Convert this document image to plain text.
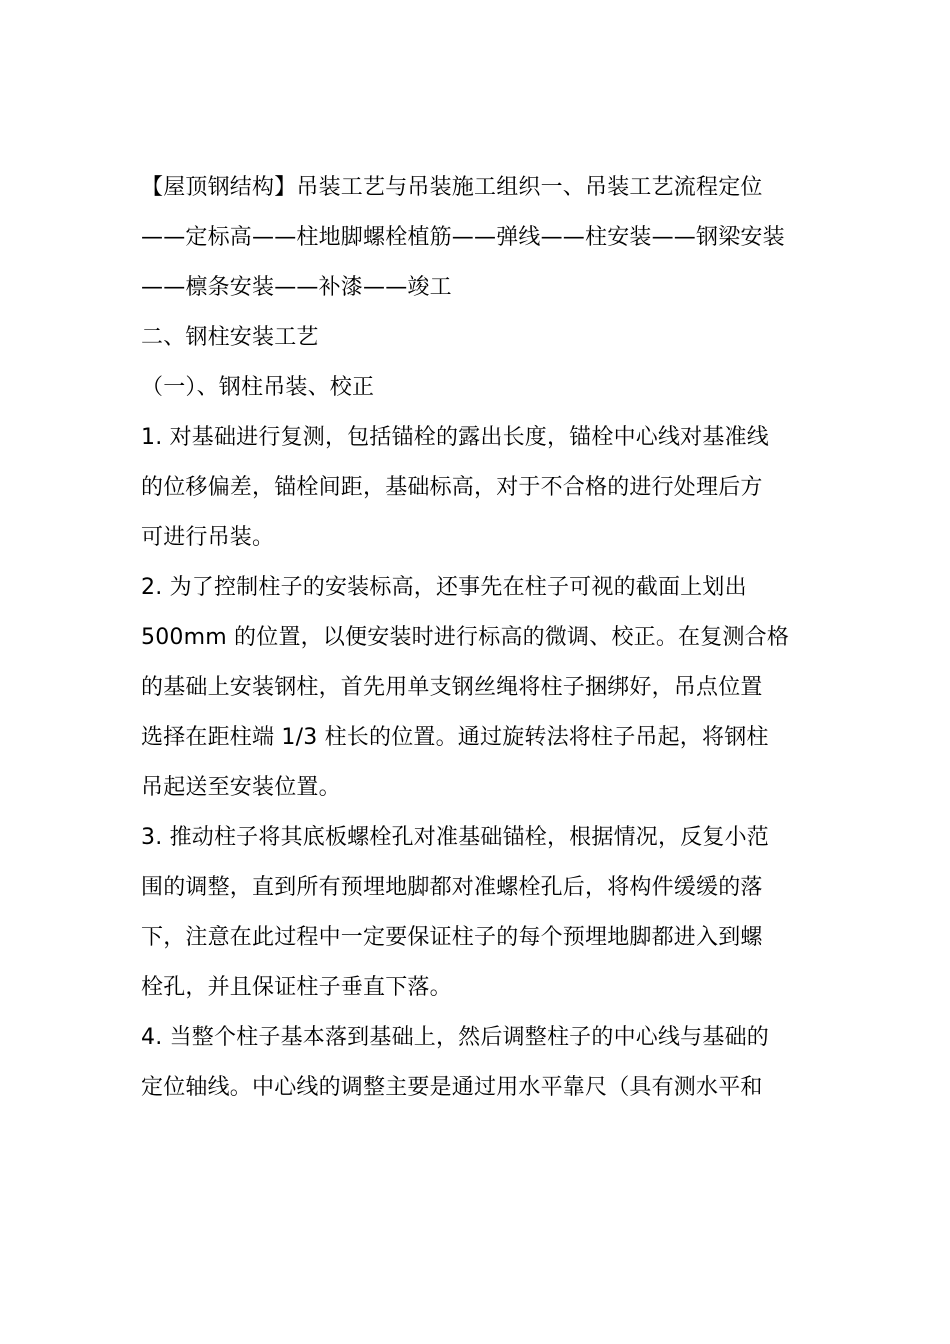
【屋顶钢结构】吊装工艺与吊装施工组织一、吊装工艺流程定位
——定标高——柱地脚螺栓植筋——弹线——柱安装——钢梁安装
——檩条安装——补漆——竣工
二、钢柱安装工艺
（一）、钢柱吊装、校正
1. 对基础进行复测，包括锚栓的露出长度，锚栓中心线对基准线
的位移偏差，锚栓间距，基础标高，对于不合格的进行处理后方
可进行吊装。
2. 为了控制柱子的安装标高，还事先在柱子可视的截面上划出
500mm 的位置，以便安装时进行标高的微调、校正。在复测合格
的基础上安装钢柱，首先用单支钢丝绳将柱子捆绑好，吊点位置
选择在距柱端 1/3 柱长的位置。通过旋转法将柱子吊起，将钢柱
吊起送至安装位置。
3. 推动柱子将其底板螺栓孔对准基础锚栓，根据情况，反复小范
围的调整，直到所有预埋地脚都对准螺栓孔后，将构件缓缓的落
下，注意在此过程中一定要保证柱子的每个预埋地脚都进入到螺
栓孔，并且保证柱子垂直下落。
4. 当整个柱子基本落到基础上，然后调整柱子的中心线与基础的
定位轴线。中心线的调整主要是通过用水平靠尺（具有测水平和
